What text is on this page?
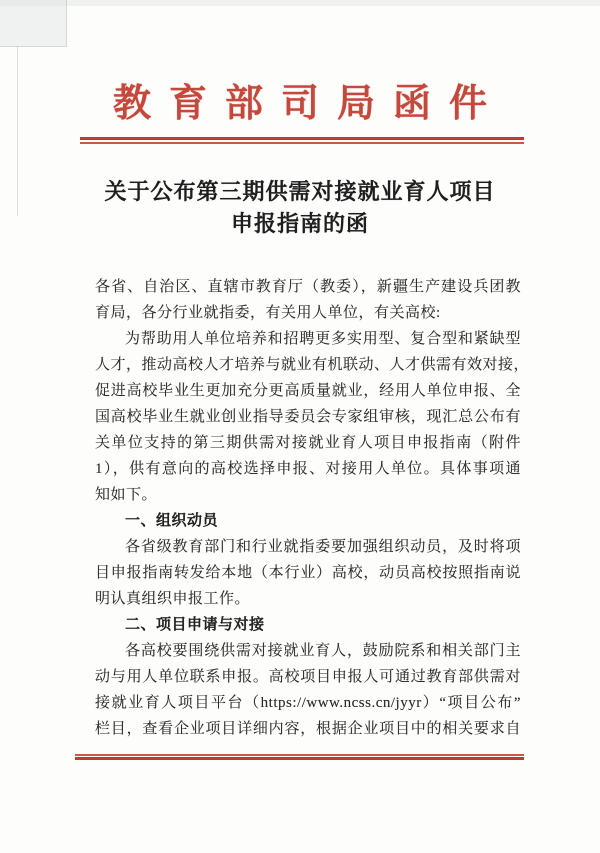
教育部司局函件
关于公布第三期供需对接就业育人项目
申报指南的函
各省、自治区、直辖市教育厅（教委），新疆生产建设兵团教
育局，各分行业就指委，有关用人单位，有关高校:
为帮助用人单位培养和招聘更多实用型、复合型和紧缺型
人才，推动高校人才培养与就业有机联动、人才供需有效对接，
促进高校毕业生更加充分更高质量就业，经用人单位申报、全
国高校毕业生就业创业指导委员会专家组审核，现汇总公布有
关单位支持的第三期供需对接就业育人项目申报指南（附件
1），供有意向的高校选择申报、对接用人单位。具体事项通
知如下。
一、组织动员
各省级教育部门和行业就指委要加强组织动员，及时将项
目申报指南转发给本地（本行业）高校，动员高校按照指南说
明认真组织申报工作。
二、项目申请与对接
各高校要围绕供需对接就业育人，鼓励院系和相关部门主
动与用人单位联系申报。高校项目申报人可通过教育部供需对
接就业育人项目平台（https://www.ncss.cn/jyyr）“项目公布”
栏目，查看企业项目详细内容，根据企业项目中的相关要求自
